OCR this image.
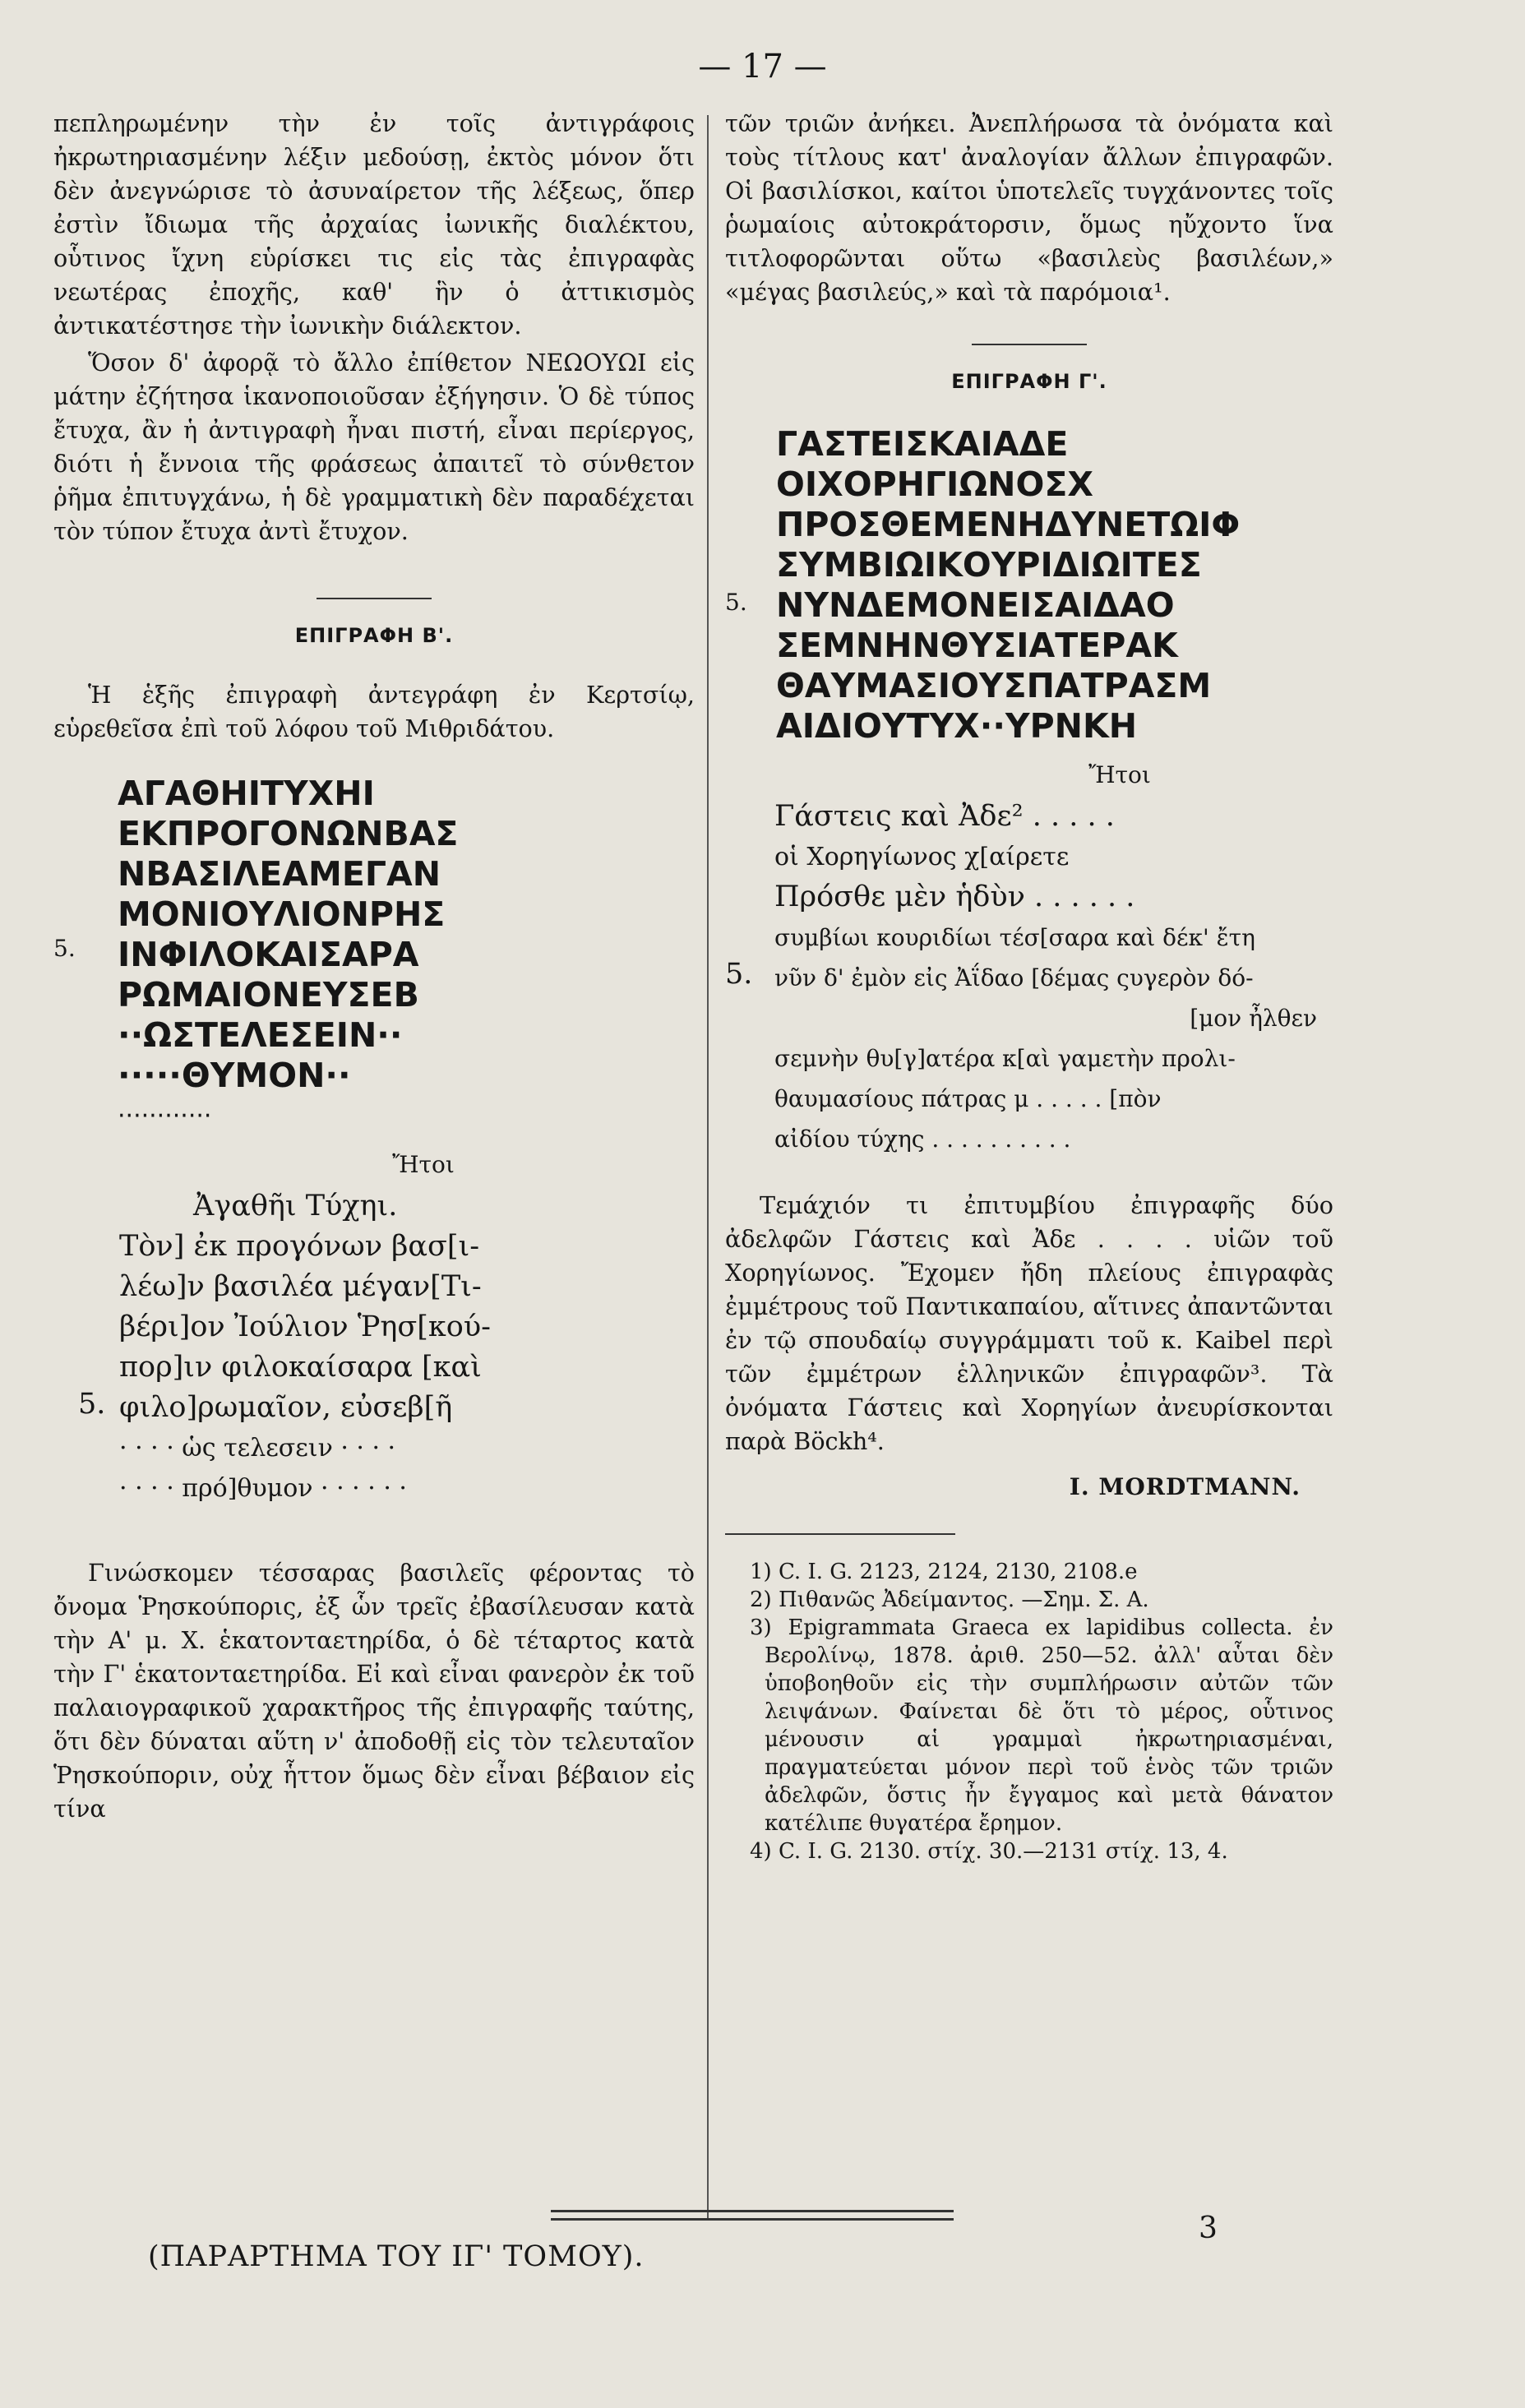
— 17 —

πεπληρωμένην τὴν ἐν τοῖς ἀντιγράφοις ἠκρωτηριασμένην λέξιν μεδούσῃ, ἐκτὸς μόνον ὅτι δὲν ἀνεγνώρισε τὸ ἀσυναίρετον τῆς λέξεως, ὅπερ ἐστὶν ἴδιωμα τῆς ἀρχαίας ἰωνικῆς διαλέκτου, οὗτινος ἴχνη εὑρίσκει τις εἰς τὰς ἐπιγραφὰς νεωτέρας ἐποχῆς, καθ' ἣν ὁ ἀττικισμὸς ἀντικατέστησε τὴν ἰωνικὴν διάλεκτον.

Ὅσον δ' ἀφορᾷ τὸ ἄλλο ἐπίθετον ΝΕΩΟΥΩΙ εἰς μάτην ἐζήτησα ἱκανοποιοῦσαν ἐξήγησιν. Ὁ δὲ τύπος ἔτυχα, ἂν ἡ ἀντιγραφὴ ἦναι πιστή, εἶναι περίεργος, διότι ἡ ἔννοια τῆς φράσεως ἀπαιτεῖ τὸ σύνθετον ῥῆμα ἐπιτυγχάνω, ἡ δὲ γραμματικὴ δὲν παραδέχεται τὸν τύπον ἔτυχα ἀντὶ ἔτυχον.

ΕΠΙΓΡΑΦΗ Β'.

Ἡ ἑξῆς ἐπιγραφὴ ἀντεγράφη ἐν Κερτσίῳ, εὑρεθεῖσα ἐπὶ τοῦ λόφου τοῦ Μιθριδάτου.

5.

ΑΓΑΘΗΙΤΥΧΗΙ

ΕΚΠΡΟΓΟΝΩΝΒΑΣ

ΝΒΑΣΙΛΕΑΜΕΓΑΝ

ΜΟΝΙΟΥΛΙΟΝΡΗΣ

ΙΝΦΙΛΟΚΑΙΣΑΡΑ

ΡΩΜΑΙΟΝΕΥΣΕΒ

··ΩΣΤΕΛΕΣΕΙΝ··

·····ΘΥΜΟΝ··

············

Ἤτοι
5.

Ἀγαθῆι Τύχηι.

Τὸν] ἐκ προγόνων βασ[ι-

λέω]ν βασιλέα μέγαν[Τι-

βέρι]ον Ἰούλιον Ῥησ[κού-

πορ]ιν φιλοκαίσαρα [καὶ

φιλο]ρωμαῖον, εὐσεβ[ῆ

· · · · ὡς τελεσειν · · · ·

· · · · πρό]θυμον · · · · · ·

Γινώσκομεν τέσσαρας βασιλεῖς φέροντας τὸ ὄνομα Ῥησκούπορις, ἐξ ὧν τρεῖς ἐβασίλευσαν κατὰ τὴν Α' μ. Χ. ἑκατονταετηρίδα, ὁ δὲ τέταρτος κατὰ τὴν Γ' ἑκατονταετηρίδα. Εἰ καὶ εἶναι φανερὸν ἐκ τοῦ παλαιογραφικοῦ χαρακτῆρος τῆς ἐπιγραφῆς ταύτης, ὅτι δὲν δύναται αὕτη ν' ἀποδοθῇ εἰς τὸν τελευταῖον Ῥησκούποριν, οὐχ ἧττον ὅμως δὲν εἶναι βέβαιον εἰς τίνα

τῶν τριῶν ἀνήκει. Ἀνεπλήρωσα τὰ ὀνόματα καὶ τοὺς τίτλους κατ' ἀναλογίαν ἄλλων ἐπιγραφῶν. Οἱ βασιλίσκοι, καίτοι ὑποτελεῖς τυγχάνοντες τοῖς ῥωμαίοις αὐτοκράτορσιν, ὅμως ηὔχοντο ἵνα τιτλοφορῶνται οὕτω «βασιλεὺς βασιλέων,» «μέγας βασιλεύς,» καὶ τὰ παρόμοια¹.

ΕΠΙΓΡΑΦΗ Γ'.
5.

ΓΑΣΤΕΙΣΚΑΙΑΔΕ

ΟΙΧΟΡΗΓΙΩΝΟΣΧ

ΠΡΟΣΘΕΜΕΝΗΔΥΝΕΤΩΙΦ

ΣΥΜΒΙΩΙΚΟΥΡΙΔΙΩΙΤΕΣ

ΝΥΝΔΕΜΟΝΕΙΣΑΙΔΑΟ

ΣΕΜΝΗΝΘΥΣΙΑΤΕΡΑΚ

ΘΑΥΜΑΣΙΟΥΣΠΑΤΡΑΣΜ

ΑΙΔΙΟΥΤΥΧ··ΥΡΝΚΗ

Ἤτοι
5.

Γάστεις καὶ Ἀδε² . . . . .

οἱ Χορηγίωνος χ[αίρετε

Πρόσθε μὲν ἡδὺν . . . . . .

συμβίωι κουριδίωι τέσ[σαρα καὶ δέκ' ἔτη

νῦν δ' ἐμὸν εἰς Ἀΐδαο [δέμας ςυγερὸν δό-

[μον ἦλθεν

σεμνὴν θυ[γ]ατέρα κ[αὶ γαμετὴν προλι-

θαυμασίους πάτρας μ . . . . . [πὸν

αἰδίου τύχης . . . . . . . . . .

Τεμάχιόν τι ἐπιτυμβίου ἐπιγραφῆς δύο ἀδελφῶν Γάστεις καὶ Ἀδε . . . . υἱῶν τοῦ Χορηγίωνος. Ἔχομεν ἤδη πλείους ἐπιγραφὰς ἐμμέτρους τοῦ Παντικαπαίου, αἵτινες ἀπαντῶνται ἐν τῷ σπουδαίῳ συγγράμματι τοῦ κ. Kaibel περὶ τῶν ἐμμέτρων ἑλληνικῶν ἐπιγραφῶν³. Τὰ ὀνόματα Γάστεις καὶ Χορηγίων ἀνευρίσκονται παρὰ Böckh⁴.

Ι. MORDTMANN.

1) C. I. G. 2123, 2124, 2130, 2108.e

2) Πιθανῶς Ἀδείμαντος. —Σημ. Σ. Α.

3) Epigrammata Graeca ex lapidibus collecta. ἐν Βερολίνῳ, 1878. ἀριθ. 250—52. ἀλλ' αὗται δὲν ὑποβοηθοῦν εἰς τὴν συμπλήρωσιν αὐτῶν τῶν λειψάνων. Φαίνεται δὲ ὅτι τὸ μέρος, οὗτινος μένουσιν αἱ γραμμαὶ ἠκρωτηριασμέναι, πραγματεύεται μόνον περὶ τοῦ ἑνὸς τῶν τριῶν ἀδελφῶν, ὅστις ἦν ἔγγαμος καὶ μετὰ θάνατον κατέλιπε θυγατέρα ἔρημον.

4) C. I. G. 2130. στίχ. 30.—2131 στίχ. 13, 4.

(ΠΑΡΑΡΤΗΜΑ ΤΟΥ ΙΓ' ΤΟΜΟΥ).
3
